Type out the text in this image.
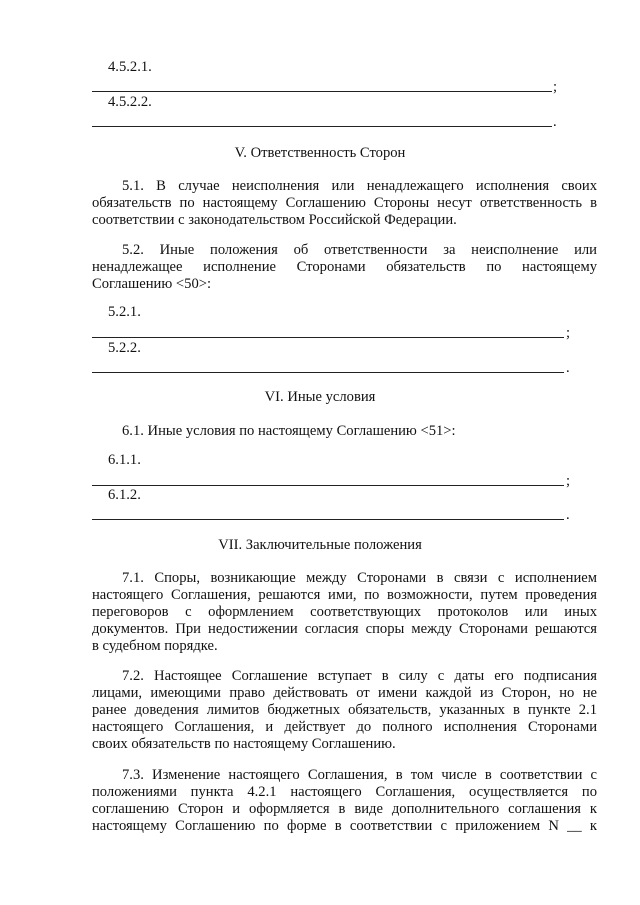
4.5.2.1.
;
4.5.2.2.
.
V. Ответственность Сторон
5.1. В случае неисполнения или ненадлежащего исполнения своих
обязательств по настоящему Соглашению Стороны несут ответственность в
соответствии с законодательством Российской Федерации.
5.2. Иные положения об ответственности за неисполнение или
ненадлежащее исполнение Сторонами обязательств по настоящему
Соглашению <50>:
5.2.1.
;
5.2.2.
.
VI. Иные условия
6.1. Иные условия по настоящему Соглашению <51>:
6.1.1.
;
6.1.2.
.
VII. Заключительные положения
7.1. Споры, возникающие между Сторонами в связи с исполнением
настоящего Соглашения, решаются ими, по возможности, путем проведения
переговоров с оформлением соответствующих протоколов или иных
документов. При недостижении согласия споры между Сторонами решаются
в судебном порядке.
7.2. Настоящее Соглашение вступает в силу с даты его подписания
лицами, имеющими право действовать от имени каждой из Сторон, но не
ранее доведения лимитов бюджетных обязательств, указанных в пункте 2.1
настоящего Соглашения, и действует до полного исполнения Сторонами
своих обязательств по настоящему Соглашению.
7.3. Изменение настоящего Соглашения, в том числе в соответствии с
положениями пункта 4.2.1 настоящего Соглашения, осуществляется по
соглашению Сторон и оформляется в виде дополнительного соглашения к
настоящему Соглашению по форме в соответствии с приложением N __ к
